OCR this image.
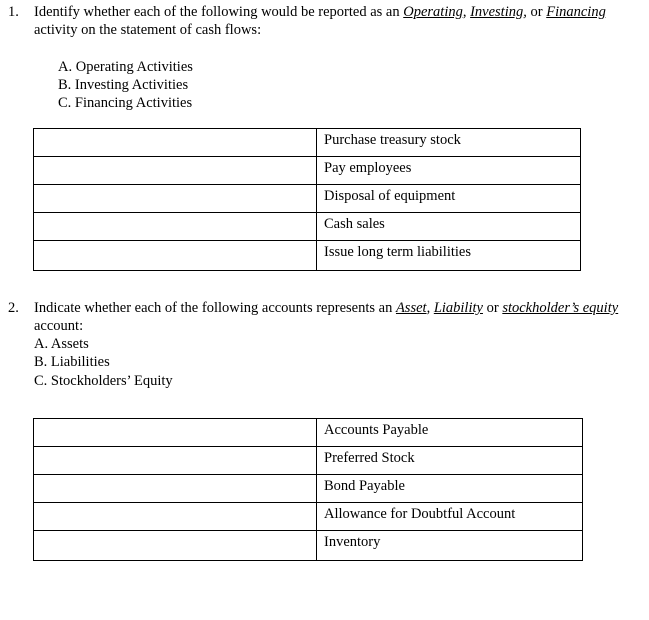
1. Identify whether each of the following would be reported as an Operating, Investing, or Financing
activity on the statement of cash flows:
A. Operating Activities
B. Investing Activities
C. Financing Activities
	Purchase treasury stock
	Pay employees
	Disposal of equipment
	Cash sales
	Issue long term liabilities
2. Indicate whether each of the following accounts represents an Asset, Liability or stockholder’s equity
account:
A. Assets
B. Liabilities
C. Stockholders’ Equity
	Accounts Payable
	Preferred Stock
	Bond Payable
	Allowance for Doubtful Account
	Inventory
